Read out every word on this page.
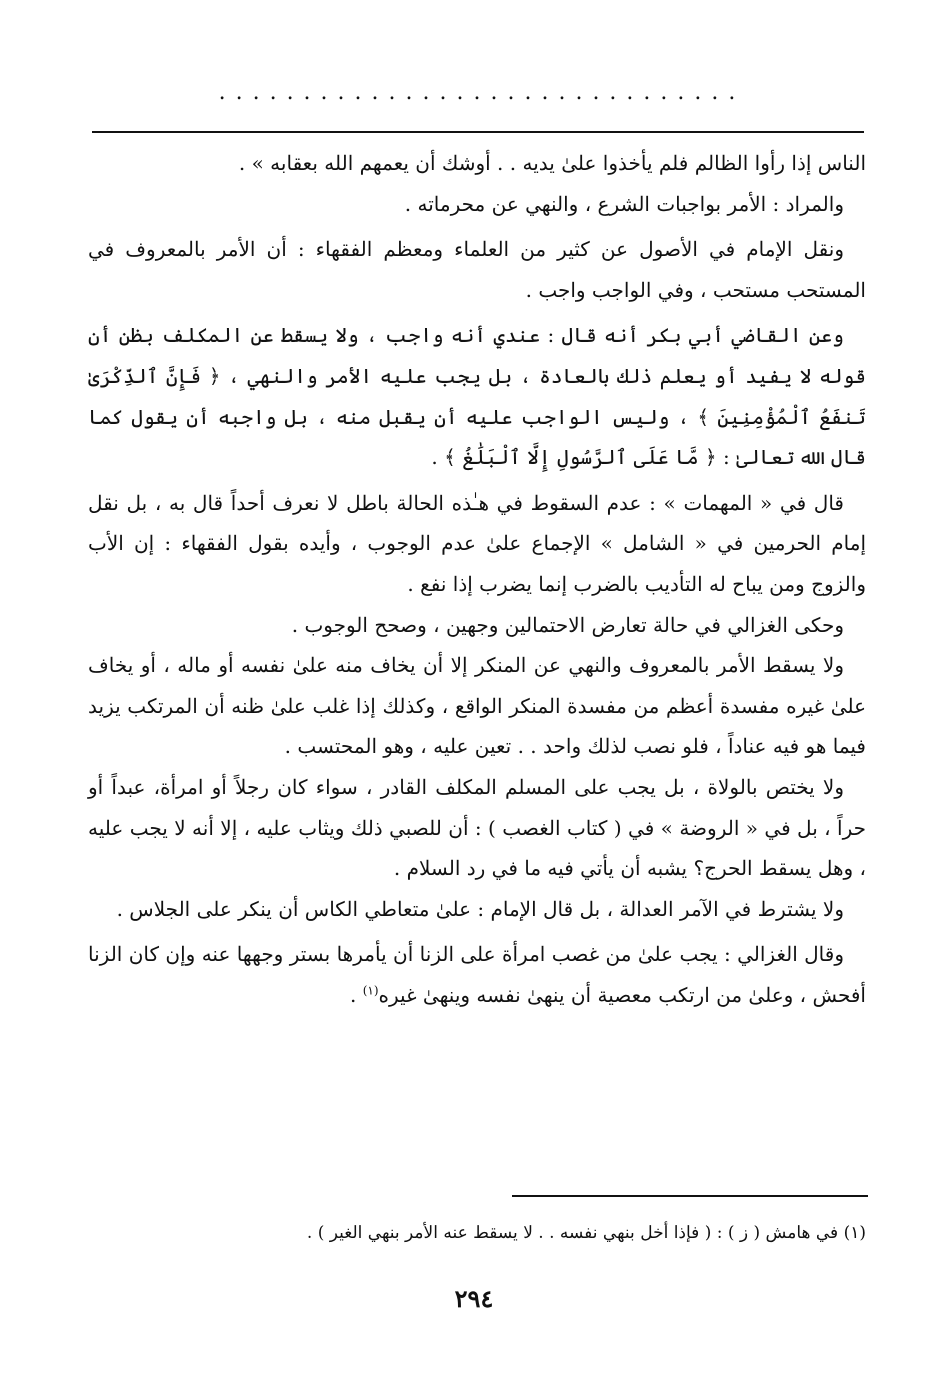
...............................

الناس إذا رأوا الظالم فلم يأخذوا علىٰ يديه . . أوشك أن يعمهم الله بعقابه » .

والمراد : الأمر بواجبات الشرع ، والنهي عن محرماته .

ونقل الإمام في الأصول عن كثير من العلماء ومعظم الفقهاء : أن الأمر بالمعروف في المستحب مستحب ، وفي الواجب واجب .

وعن القاضي أبي بكر أنه قال : عندي أنه واجب ، ولا يسقط عن المكلف بظن أن قوله لا يفيد أو يعلم ذلك بالعادة ، بل يجب عليه الأمر والنهي ، ﴿ فَإِنَّ ٱلذِّكْرَىٰ تَنفَعُ ٱلْمُؤْمِنِينَ ﴾ ، وليس الواجب عليه أن يقبل منه ، بل واجبه أن يقول كما قال الله تعالىٰ : ﴿ مَّا عَلَى ٱلرَّسُولِ إِلَّا ٱلْبَلَٰغُ ﴾ .

قال في « المهمات » : عدم السقوط في هـٰذه الحالة باطل لا نعرف أحداً قال به ، بل نقل إمام الحرمين في « الشامل » الإجماع علىٰ عدم الوجوب ، وأيده بقول الفقهاء : إن الأب والزوج ومن يباح له التأديب بالضرب إنما يضرب إذا نفع .

وحكى الغزالي في حالة تعارض الاحتمالين وجهين ، وصحح الوجوب .

ولا يسقط الأمر بالمعروف والنهي عن المنكر إلا أن يخاف منه علىٰ نفسه أو ماله ، أو يخاف علىٰ غيره مفسدة أعظم من مفسدة المنكر الواقع ، وكذلك إذا غلب علىٰ ظنه أن المرتكب يزيد فيما هو فيه عناداً ، فلو نصب لذلك واحد . . تعين عليه ، وهو المحتسب .

ولا يختص بالولاة ، بل يجب على المسلم المكلف القادر ، سواء كان رجلاً أو امرأة، عبداً أو حراً ، بل في « الروضة » في ( كتاب الغصب ) : أن للصبي ذلك ويثاب عليه ، إلا أنه لا يجب عليه ، وهل يسقط الحرج؟ يشبه أن يأتي فيه ما في رد السلام .

ولا يشترط في الآمر العدالة ، بل قال الإمام : علىٰ متعاطي الكاس أن ينكر على الجلاس .

وقال الغزالي : يجب علىٰ من غصب امرأة على الزنا أن يأمرها بستر وجهها عنه وإن كان الزنا أفحش ، وعلىٰ من ارتكب معصية أن ينهىٰ نفسه وينهىٰ غيره$^{(١)}$ .

(١) في هامش ( ز ) : ( فإذا أخل بنهي نفسه . . لا يسقط عنه الأمر بنهي الغير ) .
٢٩٤
